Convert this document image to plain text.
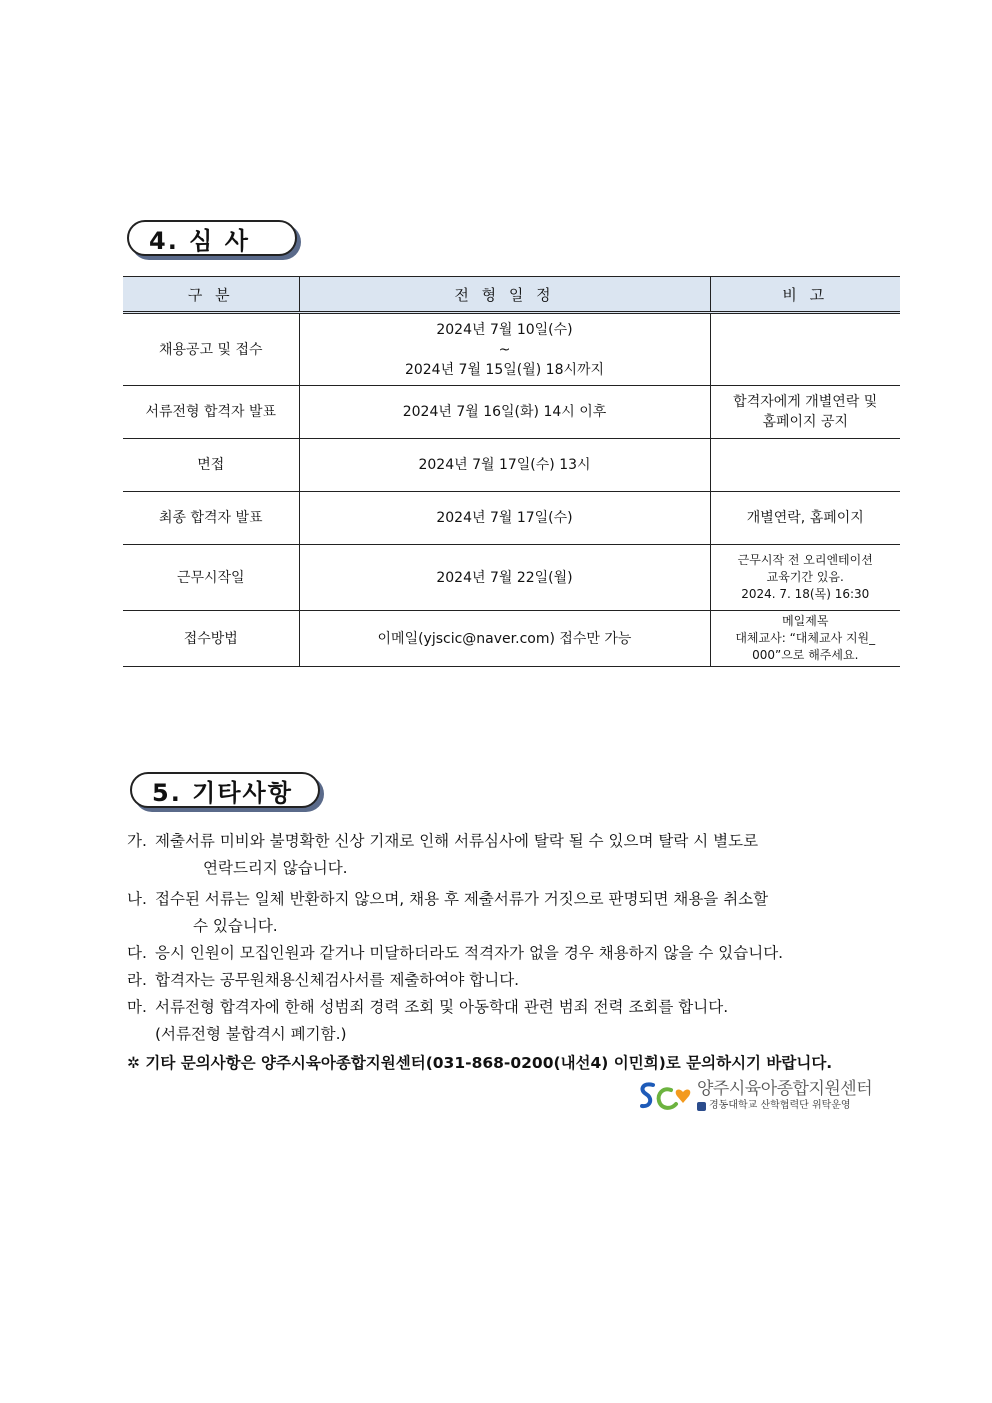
4. 심 사
구 분	전 형 일 정	비 고
채용공고 및 접수	2024년 7월 10일(수)
~
2024년 7월 15일(월) 18시까지	

서류전형 합격자 발표	2024년 7월 16일(화) 14시 이후	합격자에게 개별연락 및
홈페이지 공지

면접	2024년 7월 17일(수) 13시	
최종 합격자 발표	2024년 7월 17일(수)	개별연락, 홈페이지
근무시작일	2024년 7월 22일(월)	근무시작 전 오리엔테이션
교육기간 있음.
2024. 7. 18(목) 16:30

접수방법	이메일(yjscic@naver.com) 접수만 가능	메일제목
대체교사: “대체교사 지원_
000”으로 해주세요.
5. 기타사항
가. 제출서류 미비와 불명확한 신상 기재로 인해 서류심사에 탈락 될 수 있으며 탈락 시 별도로
연락드리지 않습니다.
나. 접수된 서류는 일체 반환하지 않으며, 채용 후 제출서류가 거짓으로 판명되면 채용을 취소할
수 있습니다.
다. 응시 인원이 모집인원과 같거나 미달하더라도 적격자가 없을 경우 채용하지 않을 수 있습니다.
라. 합격자는 공무원채용신체검사서를 제출하여야 합니다.
마. 서류전형 합격자에 한해 성범죄 경력 조회 및 아동학대 관련 범죄 전력 조회를 합니다.
(서류전형 불합격시 폐기함.)
✲ 기타 문의사항은 양주시육아종합지원센터(031-868-0200(내선4) 이민희)로 문의하시기 바랍니다.
양주시육아종합지원센터
경동대학교 산학협력단 위탁운영
